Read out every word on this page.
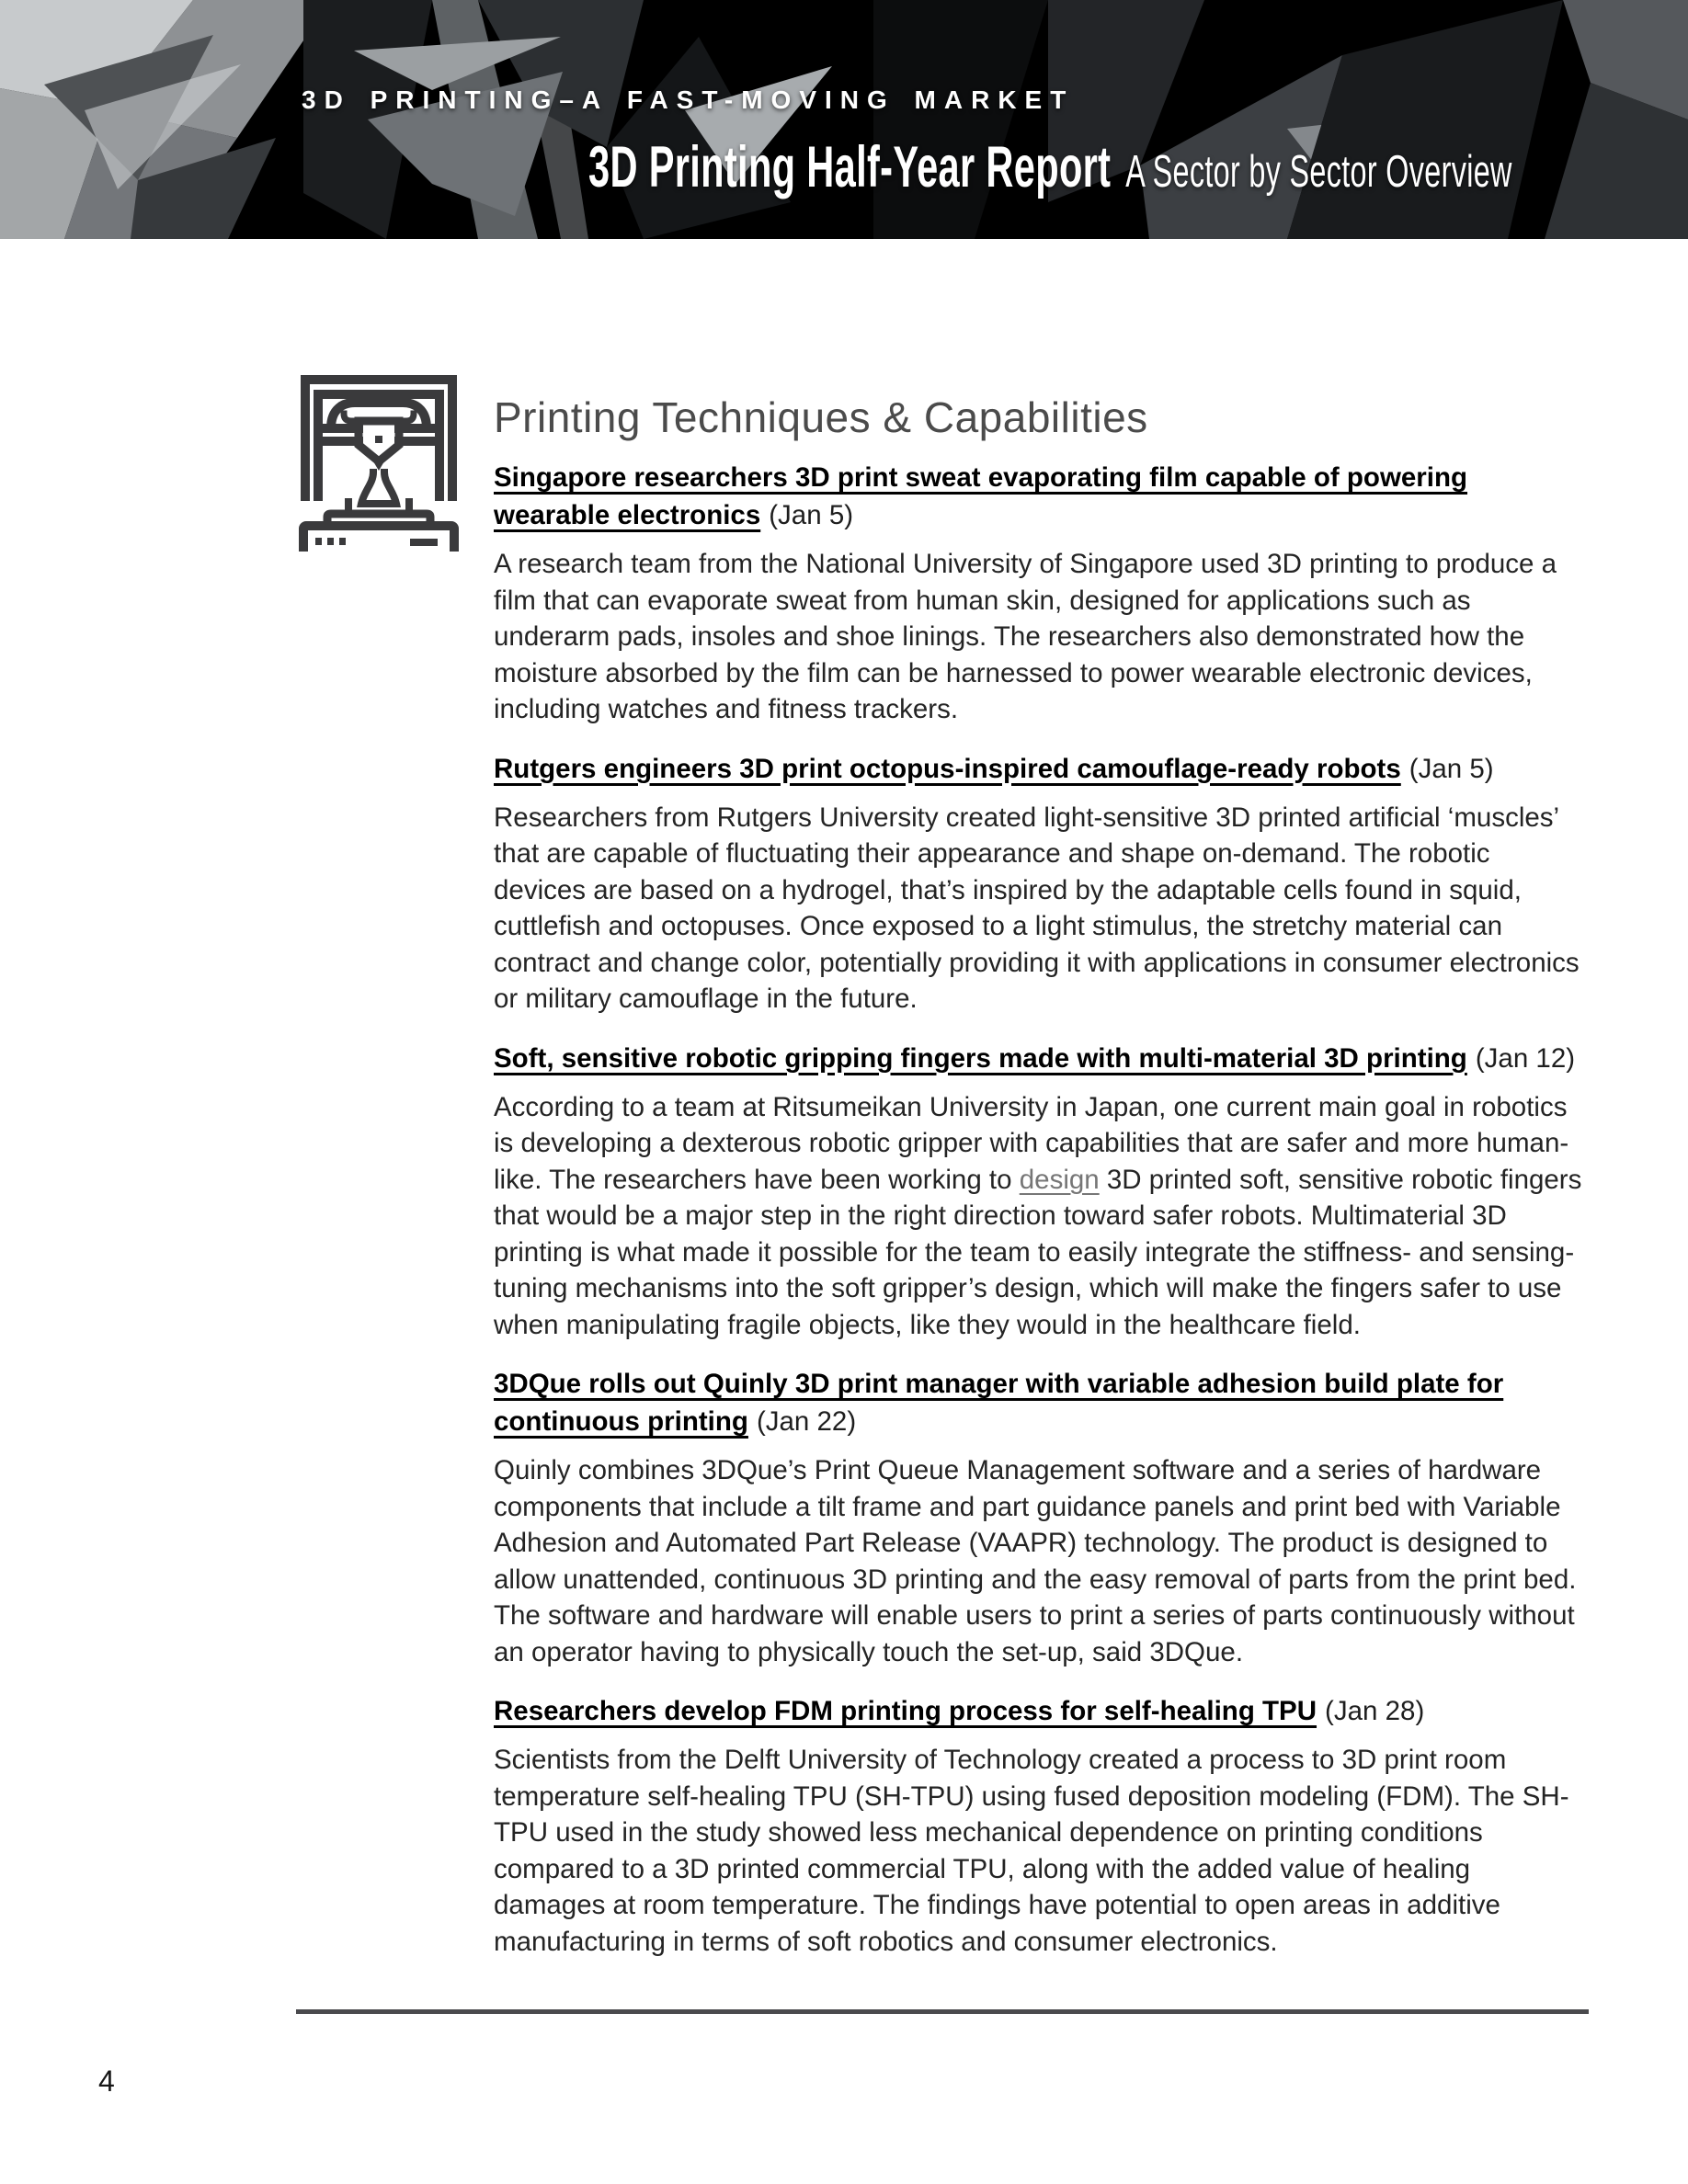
3D PRINTING–A FAST-MOVING MARKET
3D Printing Half-Year Report A Sector by Sector Overview
Printing Techniques & Capabilities
Singapore researchers 3D print sweat evaporating film capable of powering wearable electronics (Jan 5)

A research team from the National University of Singapore used 3D printing to produce a film that can evaporate sweat from human skin, designed for applications such as underarm pads, insoles and shoe linings. The researchers also demonstrated how the moisture absorbed by the film can be harnessed to power wearable electronic devices, including watches and fitness trackers.

Rutgers engineers 3D print octopus-inspired camouflage-ready robots (Jan 5)

Researchers from Rutgers University created light-sensitive 3D printed artificial ‘muscles’ that are capable of fluctuating their appearance and shape on-demand. The robotic devices are based on a hydrogel, that’s inspired by the adaptable cells found in squid, cuttlefish and octopuses. Once exposed to a light stimulus, the stretchy material can contract and change color, potentially providing it with applications in consumer electronics or military camouflage in the future.

Soft, sensitive robotic gripping fingers made with multi-material 3D printing (Jan 12)

According to a team at Ritsumeikan University in Japan, one current main goal in robotics is developing a dexterous robotic gripper with capabilities that are safer and more human-like. The researchers have been working to design 3D printed soft, sensitive robotic fingers that would be a major step in the right direction toward safer robots. Multimaterial 3D printing is what made it possible for the team to easily integrate the stiffness- and sensing-tuning mechanisms into the soft gripper’s design, which will make the fingers safer to use when manipulating fragile objects, like they would in the healthcare field.

3DQue rolls out Quinly 3D print manager with variable adhesion build plate for continuous printing (Jan 22)

Quinly combines 3DQue’s Print Queue Management software and a series of hardware components that include a tilt frame and part guidance panels and print bed with Variable Adhesion and Automated Part Release (VAAPR) technology. The product is designed to allow unattended, continuous 3D printing and the easy removal of parts from the print bed. The software and hardware will enable users to print a series of parts continuously without an operator having to physically touch the set-up, said 3DQue.

Researchers develop FDM printing process for self-healing TPU (Jan 28)

Scientists from the Delft University of Technology created a process to 3D print room temperature self-healing TPU (SH-TPU) using fused deposition modeling (FDM). The SH-TPU used in the study showed less mechanical dependence on printing conditions compared to a 3D printed commercial TPU, along with the added value of healing damages at room temperature. The findings have potential to open areas in additive manufacturing in terms of soft robotics and consumer electronics.

4
